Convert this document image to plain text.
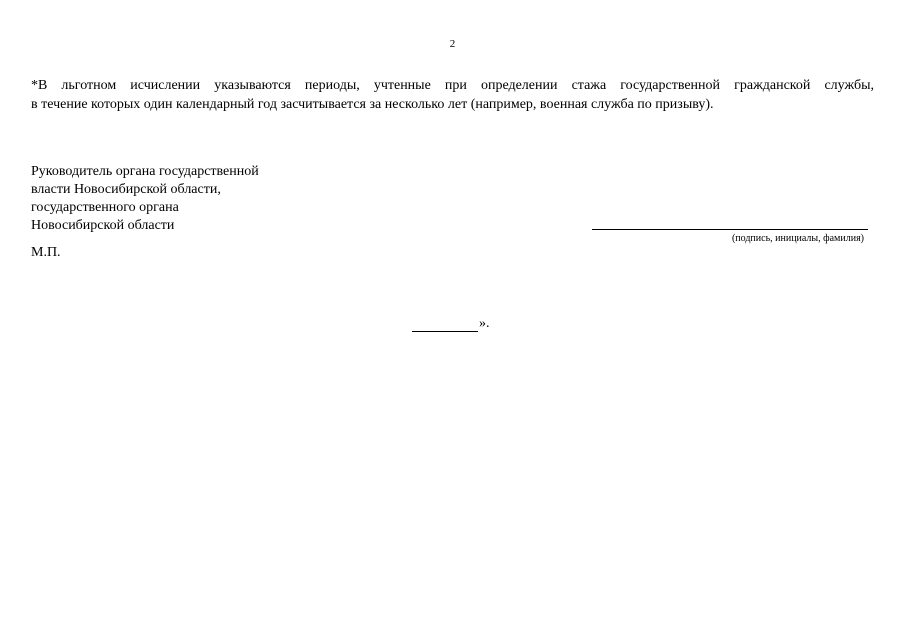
2
*В льготном исчислении указываются периоды, учтенные при определении стажа государственной гражданской службы,
в течение которых один календарный год засчитывается за несколько лет (например, военная служба по призыву).
Руководитель органа государственной
власти Новосибирской области,
государственного органа
Новосибирской области
(подпись, инициалы, фамилия)
М.П.
».
